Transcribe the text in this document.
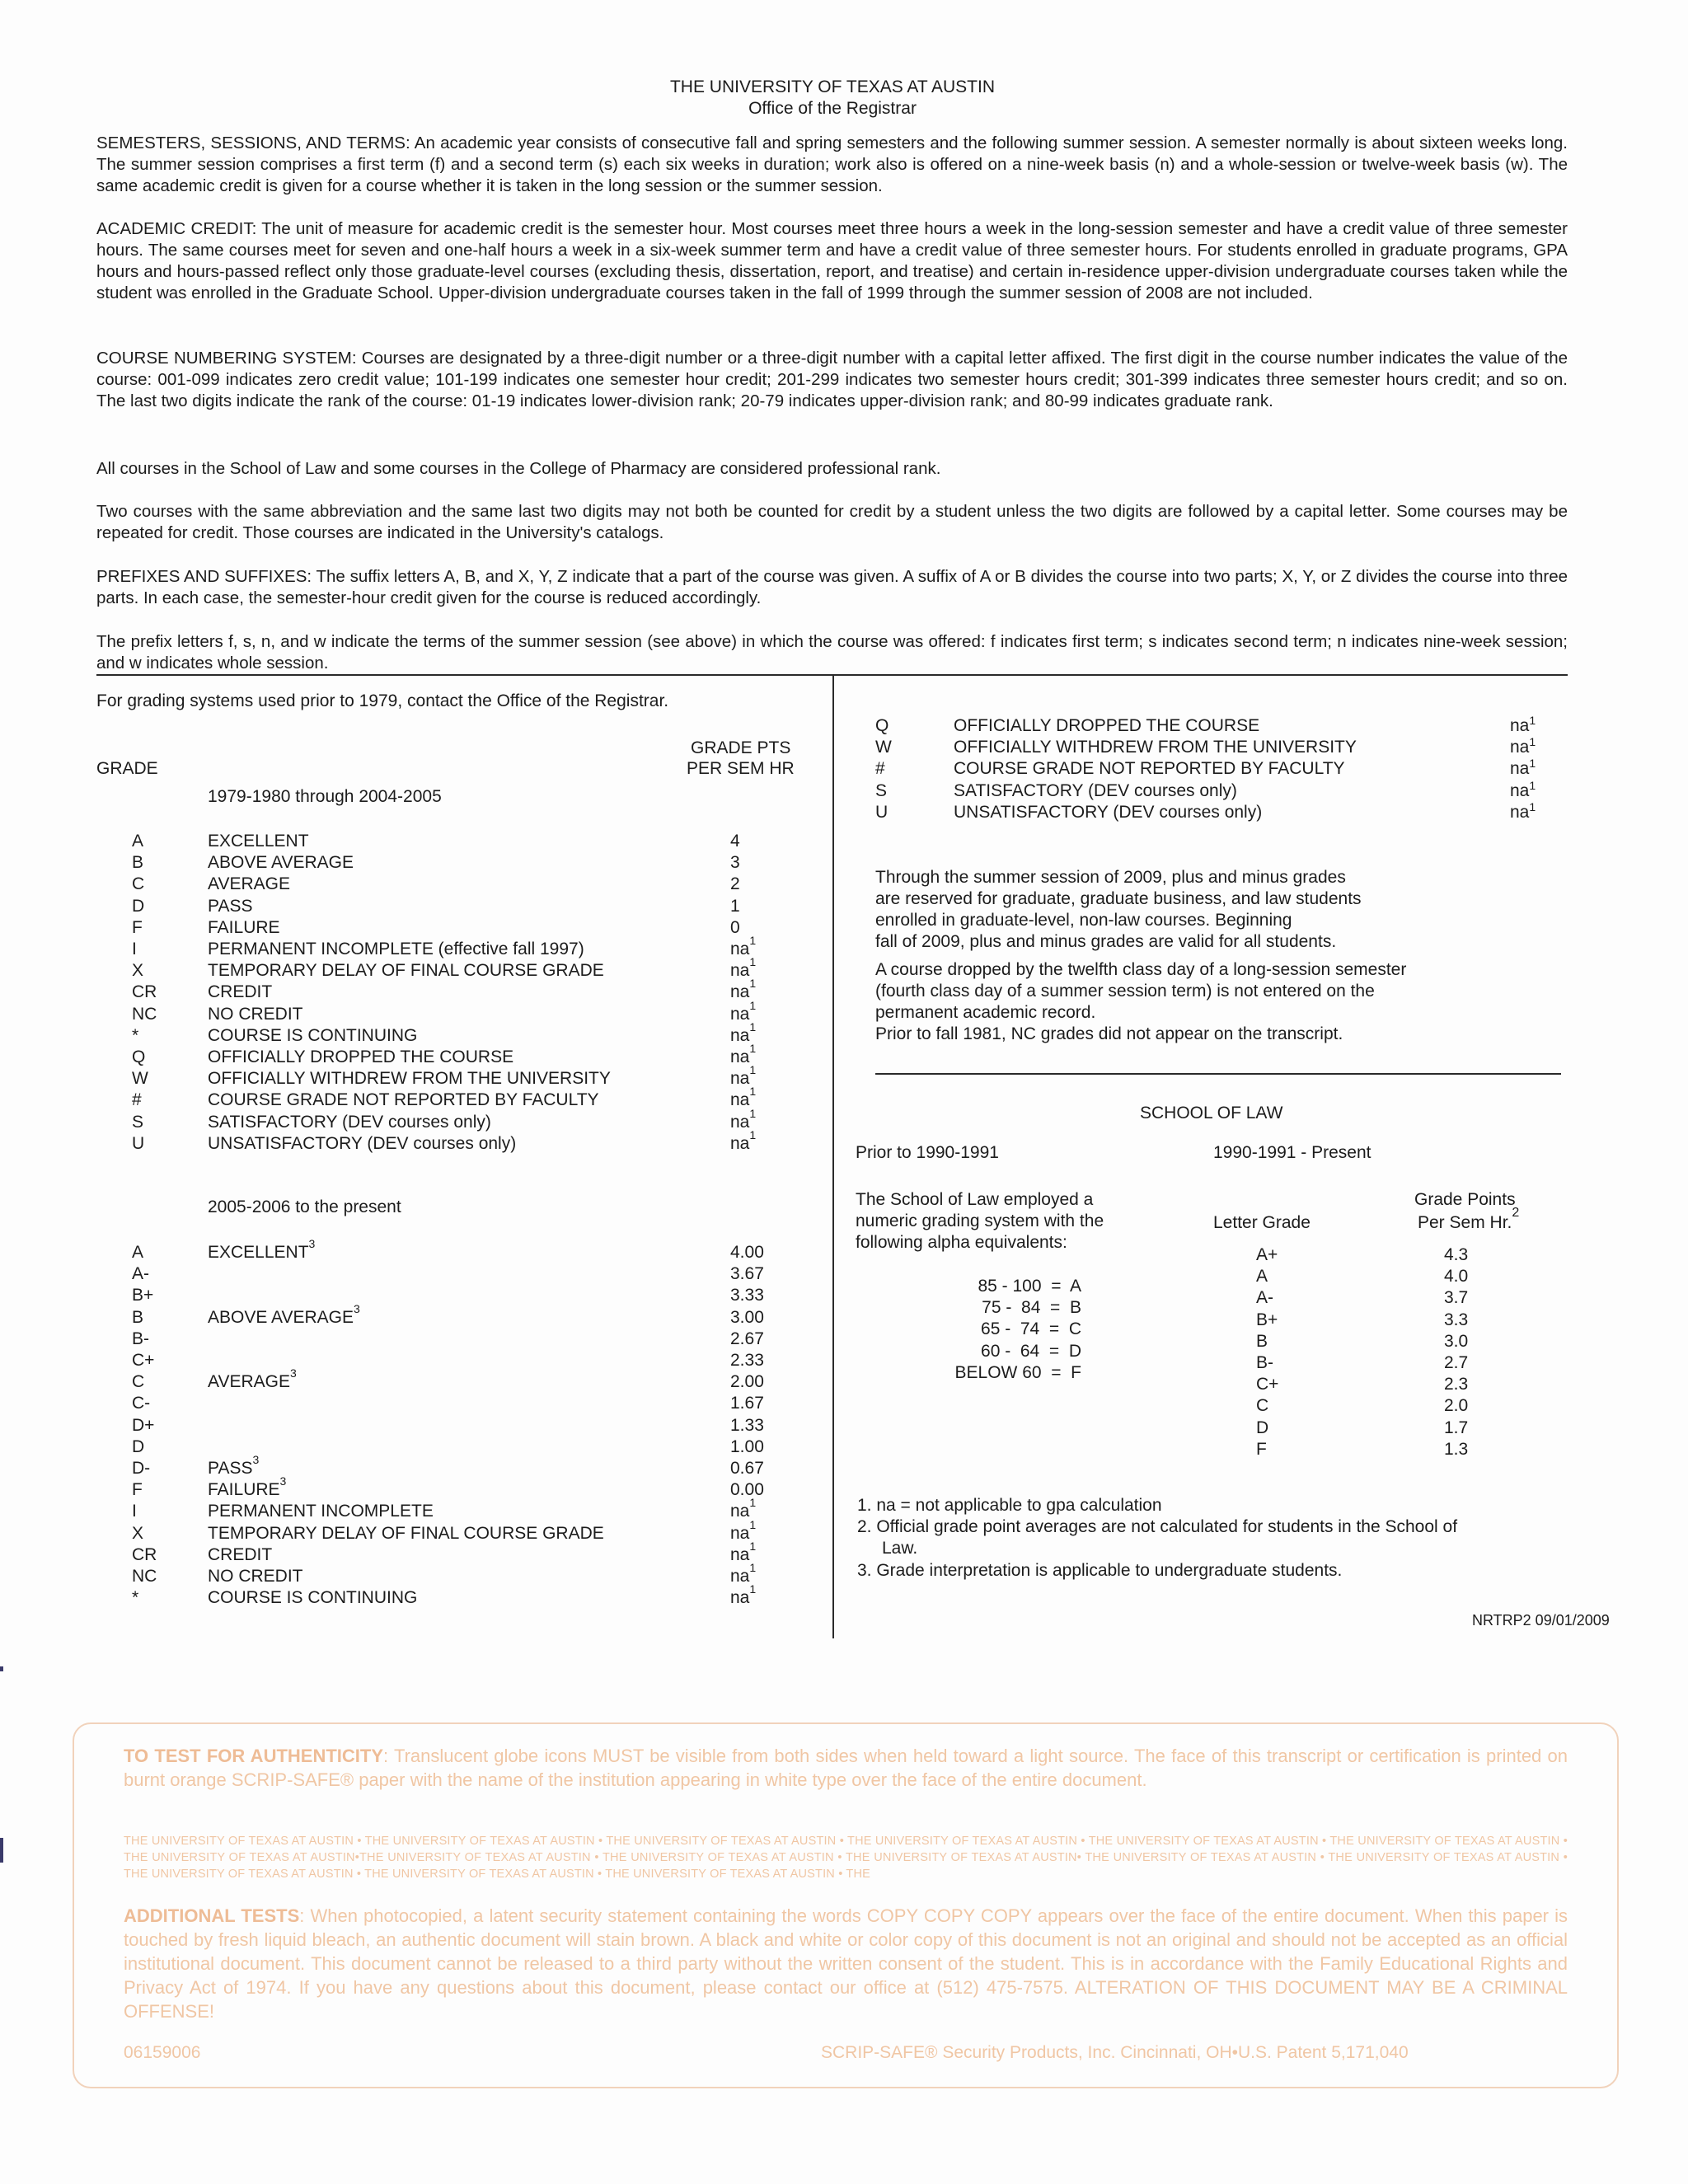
THE UNIVERSITY OF TEXAS AT AUSTIN
Office of the Registrar
SEMESTERS, SESSIONS, AND TERMS: An academic year consists of consecutive fall and spring semesters and the following summer session. A semester normally is about sixteen weeks long. The summer session comprises a first term (f) and a second term (s) each six weeks in duration; work also is offered on a nine-week basis (n) and a whole-session or twelve-week basis (w). The same academic credit is given for a course whether it is taken in the long session or the summer session.
ACADEMIC CREDIT: The unit of measure for academic credit is the semester hour. Most courses meet three hours a week in the long-session semester and have a credit value of three semester hours. The same courses meet for seven and one-half hours a week in a six-week summer term and have a credit value of three semester hours. For students enrolled in graduate programs, GPA hours and hours-passed reflect only those graduate-level courses (excluding thesis, dissertation, report, and treatise) and certain in-residence upper-division undergraduate courses taken while the student was enrolled in the Graduate School. Upper-division undergraduate courses taken in the fall of 1999 through the summer session of 2008 are not included.
COURSE NUMBERING SYSTEM: Courses are designated by a three-digit number or a three-digit number with a capital letter affixed. The first digit in the course number indicates the value of the course: 001-099 indicates zero credit value; 101-199 indicates one semester hour credit; 201-299 indicates two semester hours credit; 301-399 indicates three semester hours credit; and so on. The last two digits indicate the rank of the course: 01-19 indicates lower-division rank; 20-79 indicates upper-division rank; and 80-99 indicates graduate rank.
All courses in the School of Law and some courses in the College of Pharmacy are considered professional rank.
Two courses with the same abbreviation and the same last two digits may not both be counted for credit by a student unless the two digits are followed by a capital letter. Some courses may be repeated for credit. Those courses are indicated in the University's catalogs.
PREFIXES AND SUFFIXES: The suffix letters A, B, and X, Y, Z indicate that a part of the course was given. A suffix of A or B divides the course into two parts; X, Y, or Z divides the course into three parts. In each case, the semester-hour credit given for the course is reduced accordingly.
The prefix letters f, s, n, and w indicate the terms of the summer session (see above) in which the course was offered: f indicates first term; s indicates second term; n indicates nine-week session; and w indicates whole session.
For grading systems used prior to 1979, contact the Office of the Registrar.
GRADE
GRADE PTS
PER SEM HR
1979-1980 through 2004-2005
A	EXCELLENT	4
B	ABOVE AVERAGE	3
C	AVERAGE	2
D	PASS	1
F	FAILURE	0
I	PERMANENT INCOMPLETE (effective fall 1997)	$na^1$
X	TEMPORARY DELAY OF FINAL COURSE GRADE	$na^1$
CR	CREDIT	$na^1$
NC	NO CREDIT	$na^1$
*	COURSE IS CONTINUING	$na^1$
Q	OFFICIALLY DROPPED THE COURSE	$na^1$
W	OFFICIALLY WITHDREW FROM THE UNIVERSITY	$na^1$
#	COURSE GRADE NOT REPORTED BY FACULTY	$na^1$
S	SATISFACTORY (DEV courses only)	$na^1$
U	UNSATISFACTORY (DEV courses only)	$na^1$
2005-2006 to the present
A	EXCELLENT$^3$	4.00
A-	3.67
B+	3.33
B	ABOVE AVERAGE$^3$	3.00
B-	2.67
C+	2.33
C	AVERAGE$^3$	2.00
C-	1.67
D+	1.33
D	1.00
D-	PASS$^3$	0.67
F	FAILURE$^3$	0.00
I	PERMANENT INCOMPLETE	$na^1$
X	TEMPORARY DELAY OF FINAL COURSE GRADE	$na^1$
CR	CREDIT	$na^1$
NC	NO CREDIT	$na^1$
*	COURSE IS CONTINUING	$na^1$
Q	OFFICIALLY DROPPED THE COURSE	$na^1$
W	OFFICIALLY WITHDREW FROM THE UNIVERSITY	$na^1$
#	COURSE GRADE NOT REPORTED BY FACULTY	$na^1$
S	SATISFACTORY (DEV courses only)	$na^1$
U	UNSATISFACTORY (DEV courses only)	$na^1$
Through the summer session of 2009, plus and minus grades
are reserved for graduate, graduate business, and law students
enrolled in graduate-level, non-law courses. Beginning
fall of 2009, plus and minus grades are valid for all students.
A course dropped by the twelfth class day of a long-session semester
(fourth class day of a summer session term) is not entered on the
permanent academic record.
Prior to fall 1981, NC grades did not appear on the transcript.
SCHOOL OF LAW
Prior to 1990-1991	1990-1991 - Present
The School of Law employed a
numeric grading system with the
following alpha equivalents:
85 - 100  =  A
75 -  84  =  B
65 -  74  =  C
60 -  64  =  D
BELOW 60  =  F
Letter Grade
Grade Points
Per Sem Hr.$^2$
A+	4.3
A	4.0
A-	3.7
B+	3.3
B	3.0
B-	2.7
C+	2.3
C	2.0
D	1.7
F	1.3
1. na = not applicable to gpa calculation
2. Official grade point averages are not calculated for students in the School of
Law.
3. Grade interpretation is applicable to undergraduate students.
NRTRP2 09/01/2009
TO TEST FOR AUTHENTICITY: Translucent globe icons MUST be visible from both sides when held toward a light source. The face of this transcript or certification is printed on burnt orange SCRIP-SAFE® paper with the name of the institution appearing in white type over the face of the entire document.
THE UNIVERSITY OF TEXAS AT AUSTIN • THE UNIVERSITY OF TEXAS AT AUSTIN • THE UNIVERSITY OF TEXAS AT AUSTIN • THE UNIVERSITY OF TEXAS AT AUSTIN • THE UNIVERSITY OF TEXAS AT AUSTIN • THE UNIVERSITY OF TEXAS AT AUSTIN • THE UNIVERSITY OF TEXAS AT AUSTIN•THE UNIVERSITY OF TEXAS AT AUSTIN • THE UNIVERSITY OF TEXAS AT AUSTIN • THE UNIVERSITY OF TEXAS AT AUSTIN• THE UNIVERSITY OF TEXAS AT AUSTIN • THE UNIVERSITY OF TEXAS AT AUSTIN • THE UNIVERSITY OF TEXAS AT AUSTIN • THE UNIVERSITY OF TEXAS AT AUSTIN • THE UNIVERSITY OF TEXAS AT AUSTIN • THE
ADDITIONAL TESTS: When photocopied, a latent security statement containing the words COPY COPY COPY appears over the face of the entire document. When this paper is touched by fresh liquid bleach, an authentic document will stain brown. A black and white or color copy of this document is not an original and should not be accepted as an official institutional document. This document cannot be released to a third party without the written consent of the student. This is in accordance with the Family Educational Rights and Privacy Act of 1974. If you have any questions about this document, please contact our office at (512) 475-7575. ALTERATION OF THIS DOCUMENT MAY BE A CRIMINAL OFFENSE!
06159006	SCRIP-SAFE® Security Products, Inc. Cincinnati, OH•U.S. Patent 5,171,040
